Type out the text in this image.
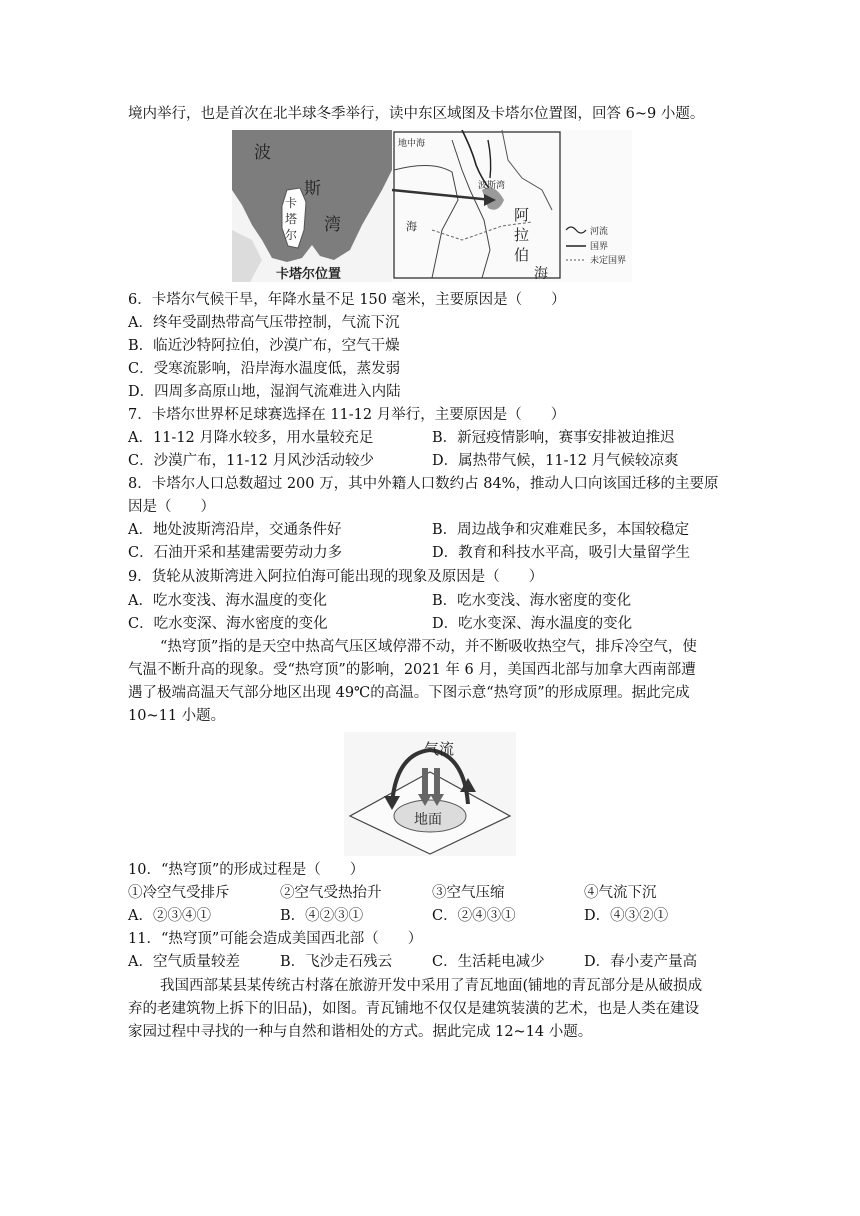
境内举行，也是首次在北半球冬季举行，读中东区域图及卡塔尔位置图，回答 6~9 小题。
波
斯
湾
卡
塔
尔
卡塔尔位置
地中海
海
波斯湾
阿
拉
伯
海
河流
国界
未定国界
6．卡塔尔气候干旱，年降水量不足 150 毫米，主要原因是（　　）
A．终年受副热带高气压带控制，气流下沉
B．临近沙特阿拉伯，沙漠广布，空气干燥
C．受寒流影响，沿岸海水温度低，蒸发弱
D．四周多高原山地，湿润气流难进入内陆
7．卡塔尔世界杯足球赛选择在 11-12 月举行，主要原因是（　　）
A．11-12 月降水较多，用水量较充足	B．新冠疫情影响，赛事安排被迫推迟
C．沙漠广布，11-12 月风沙活动较少	D．属热带气候，11-12 月气候较凉爽
8．卡塔尔人口总数超过 200 万，其中外籍人口数约占 84%，推动人口向该国迁移的主要原
因是（　　）
A．地处波斯湾沿岸，交通条件好	B．周边战争和灾难难民多，本国较稳定
C．石油开采和基建需要劳动力多	D．教育和科技水平高，吸引大量留学生
9．货轮从波斯湾进入阿拉伯海可能出现的现象及原因是（　　）
A．吃水变浅、海水温度的变化	B．吃水变浅、海水密度的变化
C．吃水变深、海水密度的变化	D．吃水变深、海水温度的变化
“热穹顶”指的是天空中热高气压区域停滞不动，并不断吸收热空气，排斥冷空气，使
气温不断升高的现象。受“热穹顶”的影响，2021 年 6 月，美国西北部与加拿大西南部遭
遇了极端高温天气部分地区出现 49℃的高温。下图示意“热穹顶”的形成原理。据此完成
10~11 小题。
气流
地面
10．“热穹顶”的形成过程是（　　）
①冷空气受排斥	②空气受热抬升	③空气压缩	④气流下沉
A．②③④①	B．④②③①	C．②④③①	D．④③②①
11．“热穹顶”可能会造成美国西北部（　　）
A．空气质量较差	B．飞沙走石残云	C．生活耗电减少	D．春小麦产量高
我国西部某县某传统古村落在旅游开发中采用了青瓦地面(铺地的青瓦部分是从破损成
弃的老建筑物上拆下的旧品)，如图。青瓦铺地不仅仅是建筑装潢的艺术，也是人类在建设
家园过程中寻找的一种与自然和谐相处的方式。据此完成 12~14 小题。
